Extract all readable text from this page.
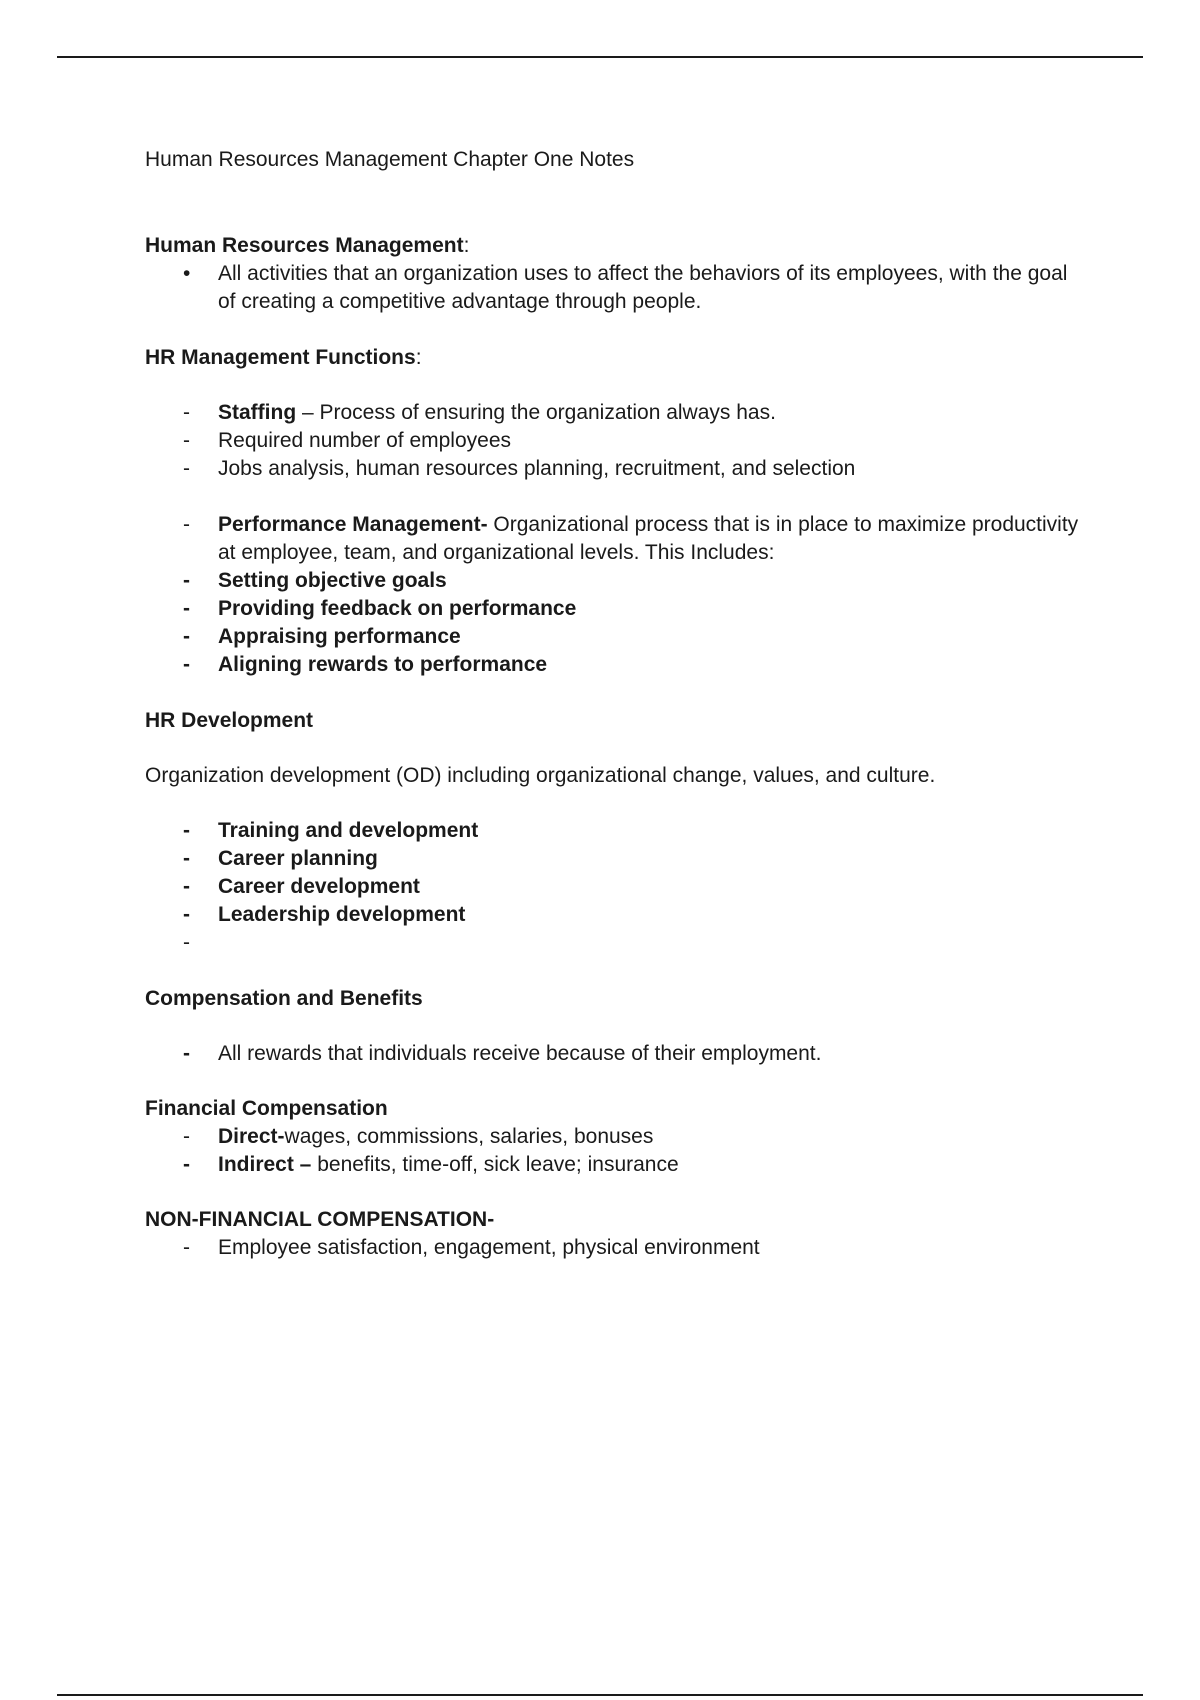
Human Resources Management Chapter One Notes
Human Resources Management:
• All activities that an organization uses to affect the behaviors of its employees, with the goal of creating a competitive advantage through people.
HR Management Functions:
- Staffing – Process of ensuring the organization always has.
- Required number of employees
- Jobs analysis, human resources planning, recruitment, and selection
- Performance Management- Organizational process that is in place to maximize productivity at employee, team, and organizational levels. This Includes:
- Setting objective goals
- Providing feedback on performance
- Appraising performance
- Aligning rewards to performance
HR Development

Organization development (OD) including organizational change, values, and culture.

- Training and development
- Career planning
- Career development
- Leadership development
-

Compensation and Benefits
- All rewards that individuals receive because of their employment.
Financial Compensation
- Direct-wages, commissions, salaries, bonuses
- Indirect – benefits, time-off, sick leave; insurance
NON-FINANCIAL COMPENSATION-
- Employee satisfaction, engagement, physical environment
